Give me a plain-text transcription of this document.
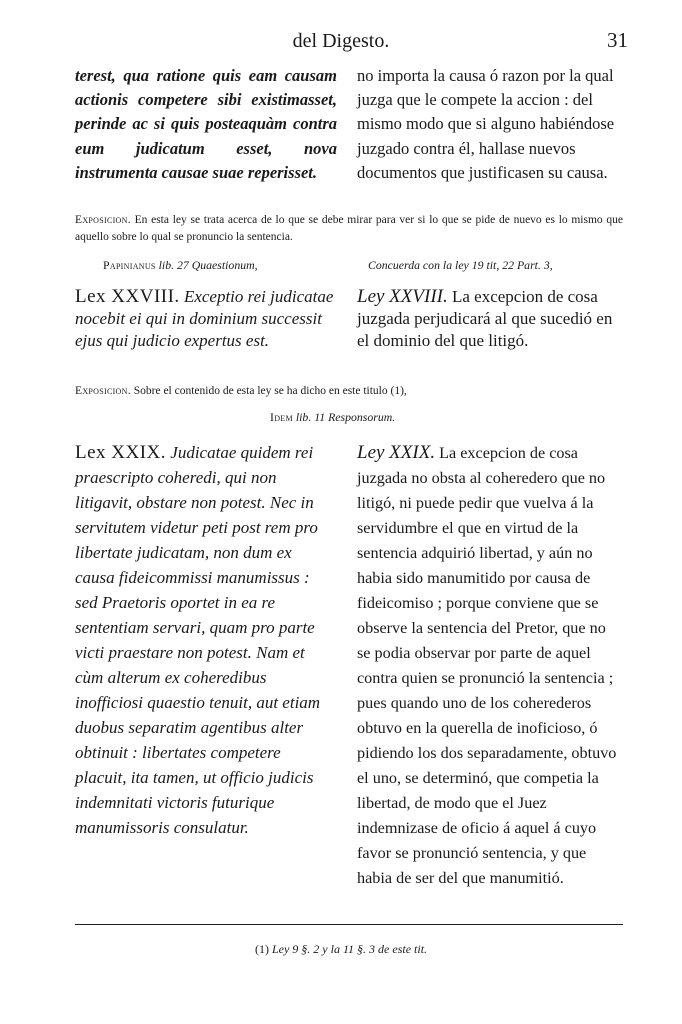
del Digesto.	31

terest, qua ratione quis eam causam actionis competere sibi existimasset, perinde ac si quis posteaquàm contra eum judicatum esset, nova instrumenta causae suae reperisset.

no importa la causa ó razon por la qual juzga que le compete la accion : del mismo modo que si alguno habiéndose juzgado contra él, hallase nuevos documentos que justificasen su causa.

Exposicion. En esta ley se trata acerca de lo que se debe mirar para ver si lo que se pide de nuevo es lo mismo que aquello sobre lo qual se pronuncio la sentencia.
Papinianus lib. 27 Quaestionum,	Concuerda con la ley 19 tit, 22 Part. 3,
Lex XXVIII. Exceptio rei judicatae nocebit ei qui in dominium successit ejus qui judicio expertus est.
Ley XXVIII. La excepcion de cosa juzgada perjudicará al que sucedió en el dominio del que litigó.
Exposicion. Sobre el contenido de esta ley se ha dicho en este titulo (1),
Idem lib. 11 Responsorum.
Lex XXIX. Judicatae quidem rei praescripto coheredi, qui non litigavit, obstare non potest. Nec in servitutem videtur peti post rem pro libertate judicatam, non dum ex causa fideicommissi manumissus : sed Praetoris oportet in ea re sententiam servari, quam pro parte victi praestare non potest. Nam et cùm alterum ex coheredibus inofficiosi quaestio tenuit, aut etiam duobus separatim agentibus alter obtinuit : libertates competere placuit, ita tamen, ut officio judicis indemnitati victoris futurique manumissoris consulatur.
Ley XXIX. La excepcion de cosa juzgada no obsta al coheredero que no litigó, ni puede pedir que vuelva á la servidumbre el que en virtud de la sentencia adquirió libertad, y aún no habia sido manumitido por causa de fideicomiso ; porque conviene que se observe la sentencia del Pretor, que no se podia observar por parte de aquel contra quien se pronunció la sentencia ; pues quando uno de los coherederos obtuvo en la querella de inoficioso, ó pidiendo los dos separadamente, obtuvo el uno, se determinó, que competia la libertad, de modo que el Juez indemnizase de oficio á aquel á cuyo favor se pronunció sentencia, y que habia de ser del que manumitió.
(1) Ley 9 §. 2 y la 11 §. 3 de este tit.
